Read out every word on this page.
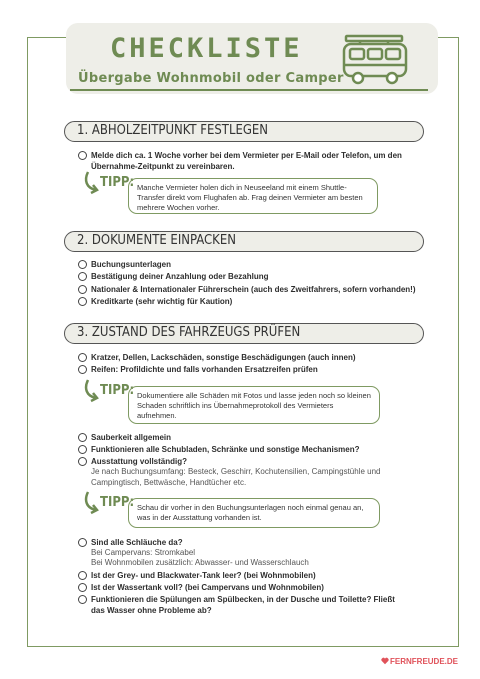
CHECKLISTE
Übergabe Wohnmobil oder Camper
1. ABHOLZEITPUNKT FESTLEGEN
Melde dich ca. 1 Woche vorher bei dem Vermieter per E-Mail oder Telefon, um den Übernahme-Zeitpunkt zu vereinbaren.
TIPP: Manche Vermieter holen dich in Neuseeland mit einem Shuttle-Transfer direkt vom Flughafen ab. Frag deinen Vermieter am besten mehrere Wochen vorher.
2. DOKUMENTE EINPACKEN
Buchungsunterlagen
Bestätigung deiner Anzahlung oder Bezahlung
Nationaler & Internationaler Führerschein (auch des Zweitfahrers, sofern vorhanden!)
Kreditkarte (sehr wichtig für Kaution)
3. ZUSTAND DES FAHRZEUGS PRÜFEN
Kratzer, Dellen, Lackschäden, sonstige Beschädigungen (auch innen)
Reifen: Profildichte und falls vorhanden Ersatzreifen prüfen
TIPP: Dokumentiere alle Schäden mit Fotos und lasse jeden noch so kleinen Schaden schriftlich ins Übernahmeprotokoll des Vermieters aufnehmen.
Sauberkeit allgemein
Funktionieren alle Schubladen, Schränke und sonstige Mechanismen?
Ausstattung vollständig?
Je nach Buchungsumfang: Besteck, Geschirr, Kochutensilien, Campingstühle und Campingtisch, Bettwäsche, Handtücher etc.
TIPP: Schau dir vorher in den Buchungsunterlagen noch einmal genau an, was in der Ausstattung vorhanden ist.
Sind alle Schläuche da?
Bei Campervans: Stromkabel
Bei Wohnmobilen zusätzlich: Abwasser- und Wasserschlauch
Ist der Grey- und Blackwater-Tank leer? (bei Wohnmobilen)
Ist der Wassertank voll? (bei Campervans und Wohnmobilen)
Funktionieren die Spülungen am Spülbecken, in der Dusche und Toilette? Fließt das Wasser ohne Probleme ab?
FERNFREUDE.DE
